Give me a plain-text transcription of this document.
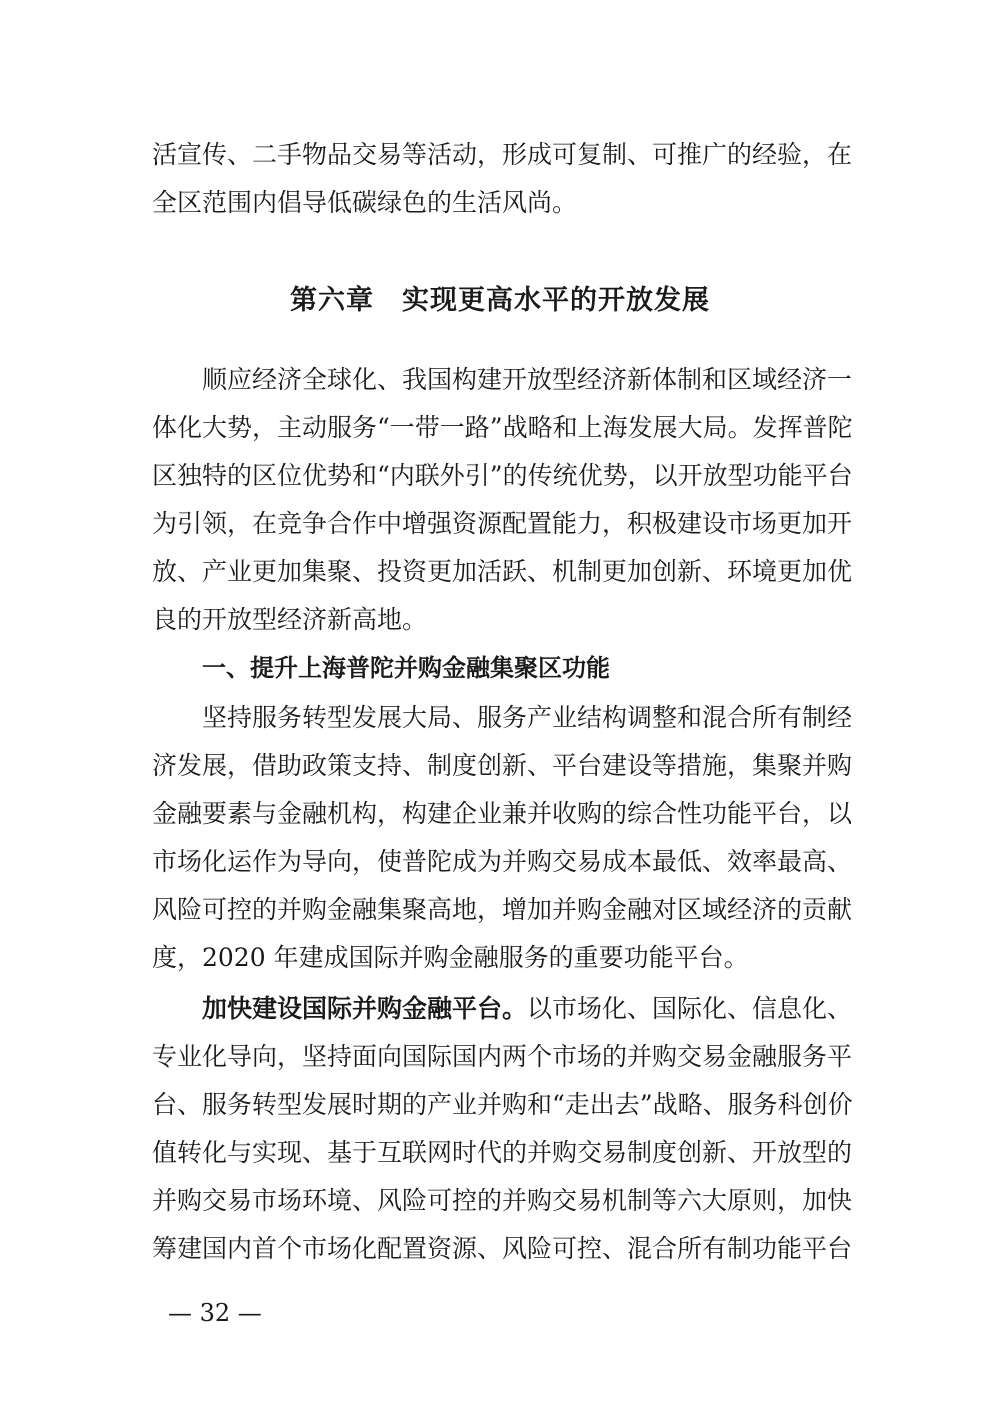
活宣传、二手物品交易等活动，形成可复制、可推广的经验，在
全区范围内倡导低碳绿色的生活风尚。
第六章　实现更高水平的开放发展
顺应经济全球化、我国构建开放型经济新体制和区域经济一
体化大势，主动服务“一带一路”战略和上海发展大局。发挥普陀
区独特的区位优势和“内联外引”的传统优势，以开放型功能平台
为引领，在竞争合作中增强资源配置能力，积极建设市场更加开
放、产业更加集聚、投资更加活跃、机制更加创新、环境更加优
良的开放型经济新高地。
一、提升上海普陀并购金融集聚区功能
坚持服务转型发展大局、服务产业结构调整和混合所有制经
济发展，借助政策支持、制度创新、平台建设等措施，集聚并购
金融要素与金融机构，构建企业兼并收购的综合性功能平台，以
市场化运作为导向，使普陀成为并购交易成本最低、效率最高、
风险可控的并购金融集聚高地，增加并购金融对区域经济的贡献
度，2020 年建成国际并购金融服务的重要功能平台。
加快建设国际并购金融平台。以市场化、国际化、信息化、
专业化导向，坚持面向国际国内两个市场的并购交易金融服务平
台、服务转型发展时期的产业并购和“走出去”战略、服务科创价
值转化与实现、基于互联网时代的并购交易制度创新、开放型的
并购交易市场环境、风险可控的并购交易机制等六大原则，加快
筹建国内首个市场化配置资源、风险可控、混合所有制功能平台
— 32 —
